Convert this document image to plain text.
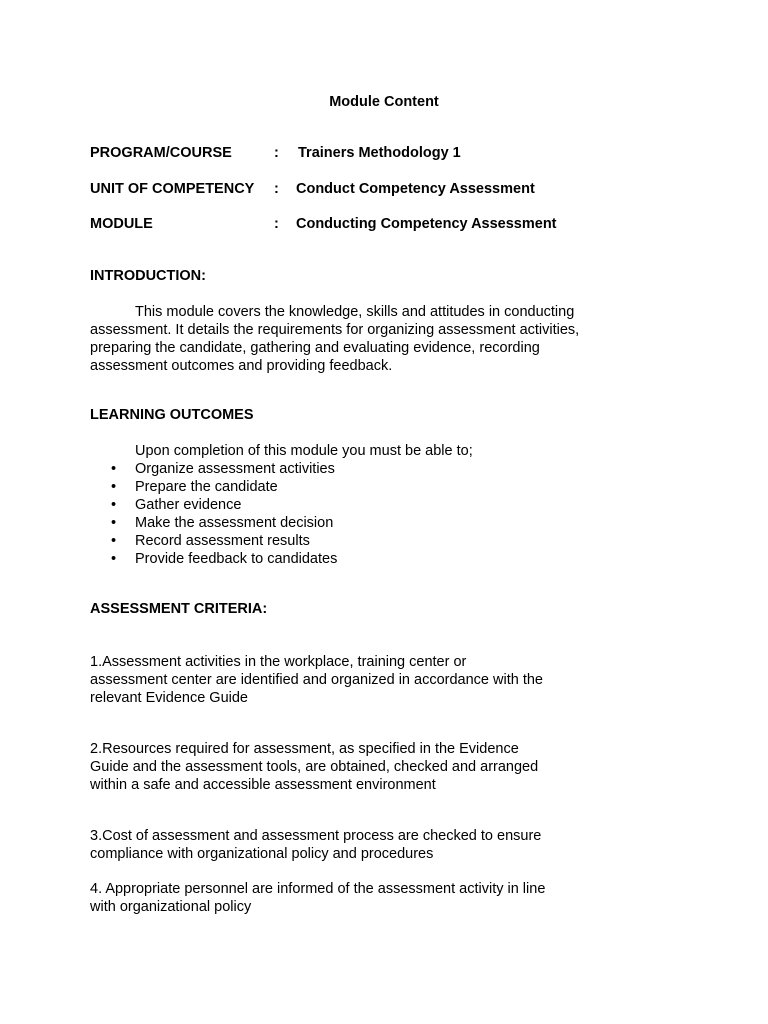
Module Content
PROGRAM/COURSE	: Trainers Methodology 1
UNIT OF COMPETENCY : Conduct Competency Assessment
MODULE	: Conducting Competency Assessment
INTRODUCTION:
This module covers the knowledge, skills and attitudes in conducting assessment. It details the requirements for organizing assessment activities, preparing the candidate, gathering and evaluating evidence, recording assessment outcomes and providing feedback.
LEARNING OUTCOMES
Upon completion of this module you must be able to;
• Organize assessment activities
• Prepare the candidate
• Gather evidence
• Make the assessment decision
• Record assessment results
• Provide feedback to candidates
ASSESSMENT CRITERIA:
1.Assessment activities in the workplace, training center or assessment center are identified and organized in accordance with the relevant Evidence Guide
2.Resources required for assessment, as specified in the Evidence Guide and the assessment tools, are obtained, checked and arranged within a safe and accessible assessment environment
3.Cost of assessment and assessment process are checked to ensure compliance with organizational policy and procedures
4. Appropriate personnel are informed of the assessment activity in line with organizational policy
